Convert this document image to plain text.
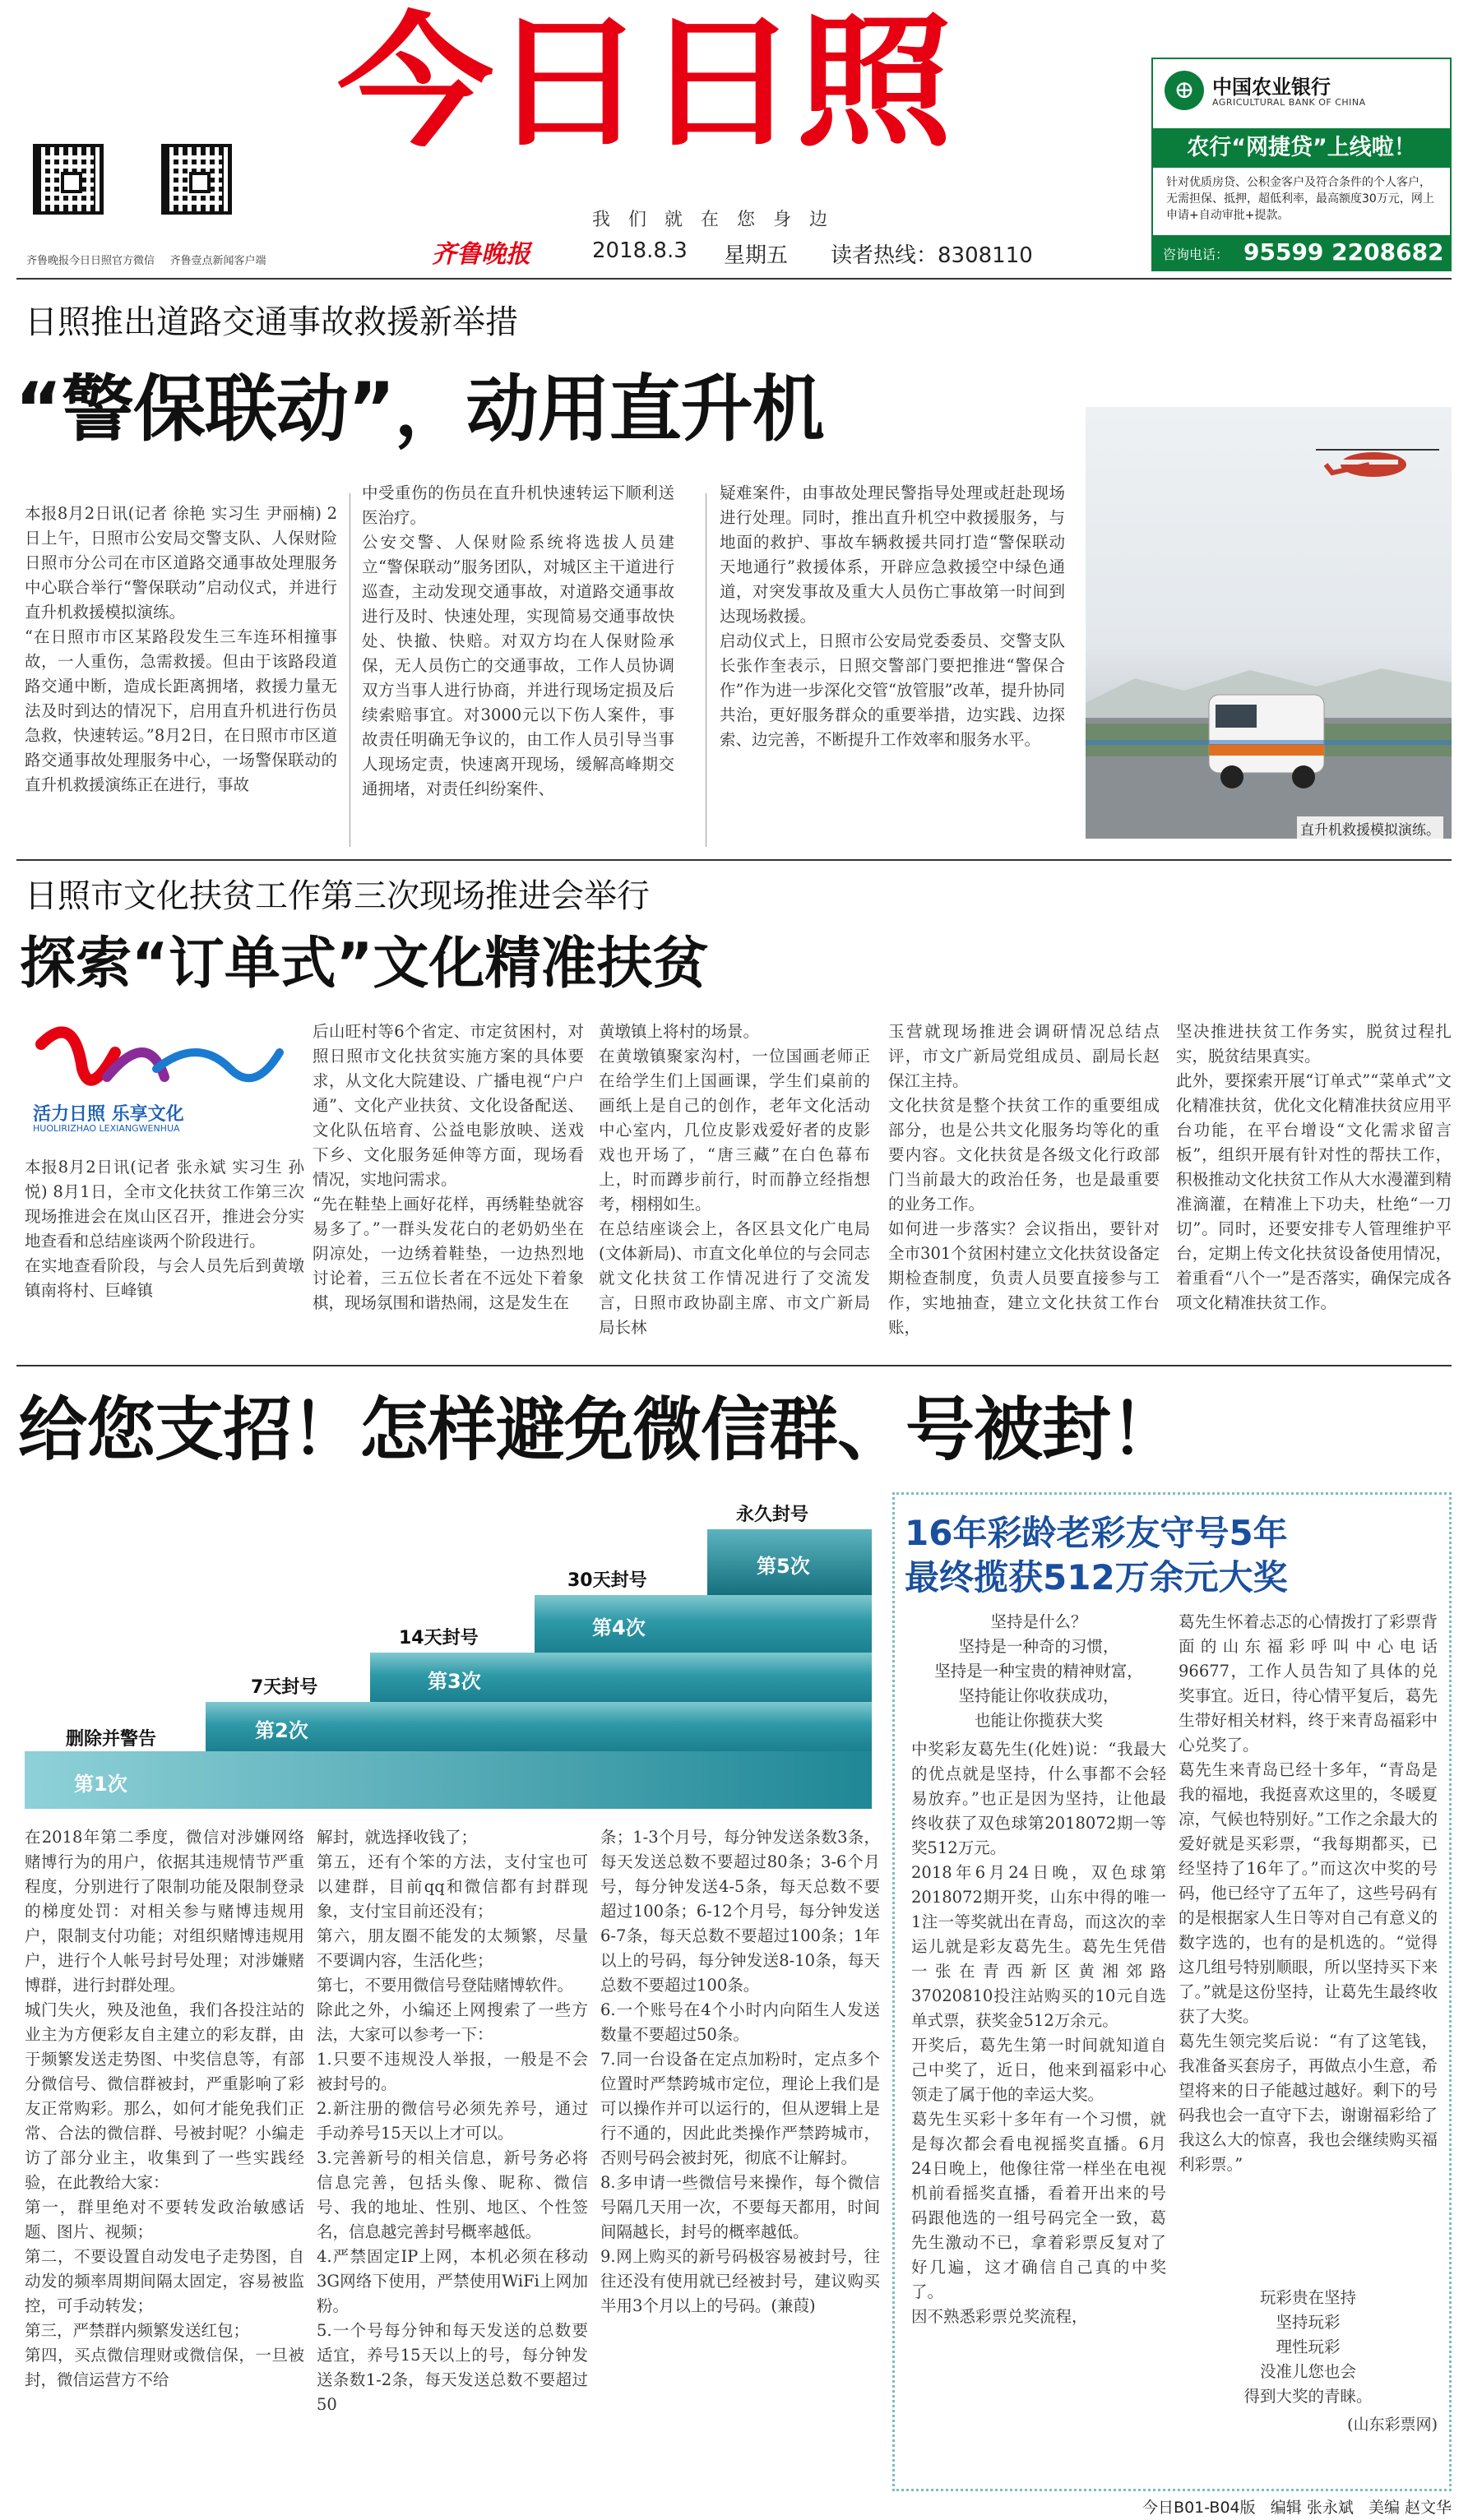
齐鲁晚报今日日照官方微信	齐鲁壹点新闻客户端
今日日照
我们就在您身边
齐鲁晚报	2018.8.3 星期五 读者热线：8308110
⊕ 中国农业银行
AGRICULTURAL BANK OF CHINA
农行“网捷贷”上线啦！
针对优质房贷、公积金客户及符合条件的个人客户，无需担保、抵押，超低利率，最高额度30万元，网上申请+自动审批+提款。
咨询电话： 95599 2208682
日照推出道路交通事故救援新举措
“警保联动”，动用直升机
本报8月2日讯(记者 徐艳 实习生 尹丽楠) 2日上午，日照市公安局交警支队、人保财险日照市分公司在市区道路交通事故处理服务中心联合举行“警保联动”启动仪式，并进行直升机救援模拟演练。
“在日照市市区某路段发生三车连环相撞事故，一人重伤，急需救援。但由于该路段道路交通中断，造成长距离拥堵，救援力量无法及时到达的情况下，启用直升机进行伤员急救，快速转运。”8月2日，在日照市市区道路交通事故处理服务中心，一场警保联动的直升机救援演练正在进行，事故
中受重伤的伤员在直升机快速转运下顺利送医治疗。
公安交警、人保财险系统将选拔人员建立“警保联动”服务团队，对城区主干道进行巡查，主动发现交通事故，对道路交通事故进行及时、快速处理，实现简易交通事故快处、快撤、快赔。对双方均在人保财险承保，无人员伤亡的交通事故，工作人员协调双方当事人进行协商，并进行现场定损及后续索赔事宜。对3000元以下伤人案件，事故责任明确无争议的，由工作人员引导当事人现场定责，快速离开现场，缓解高峰期交通拥堵，对责任纠纷案件、
疑难案件，由事故处理民警指导处理或赶赴现场进行处理。同时，推出直升机空中救援服务，与地面的救护、事故车辆救援共同打造“警保联动 天地通行”救援体系，开辟应急救援空中绿色通道，对突发事故及重大人员伤亡事故第一时间到达现场救援。
启动仪式上，日照市公安局党委委员、交警支队长张作奎表示，日照交警部门要把推进“警保合作”作为进一步深化交管“放管服”改革，提升协同共治，更好服务群众的重要举措，边实践、边探索、边完善，不断提升工作效率和服务水平。
直升机救援模拟演练。
日照市文化扶贫工作第三次现场推进会举行
探索“订单式”文化精准扶贫
活力日照 乐享文化
HUOLIRIZHAO LEXIANGWENHUA
本报8月2日讯(记者 张永斌 实习生 孙悦) 8月1日，全市文化扶贫工作第三次现场推进会在岚山区召开，推进会分实地查看和总结座谈两个阶段进行。
在实地查看阶段，与会人员先后到黄墩镇南将村、巨峰镇
后山旺村等6个省定、市定贫困村，对照日照市文化扶贫实施方案的具体要求，从文化大院建设、广播电视“户户通”、文化产业扶贫、文化设备配送、文化队伍培育、公益电影放映、送戏下乡、文化服务延伸等方面，现场看情况，实地问需求。
“先在鞋垫上画好花样，再绣鞋垫就容易多了。”一群头发花白的老奶奶坐在阴凉处，一边绣着鞋垫，一边热烈地讨论着，三五位长者在不远处下着象棋，现场氛围和谐热闹，这是发生在
黄墩镇上将村的场景。
在黄墩镇聚家沟村，一位国画老师正在给学生们上国画课，学生们桌前的画纸上是自己的创作，老年文化活动中心室内，几位皮影戏爱好者的皮影戏也开场了，“唐三藏”在白色幕布上，时而蹲步前行，时而静立经指想考，栩栩如生。
在总结座谈会上，各区县文化广电局(文体新局)、市直文化单位的与会同志就文化扶贫工作情况进行了交流发言，日照市政协副主席、市文广新局局长林
玉营就现场推进会调研情况总结点评，市文广新局党组成员、副局长赵保江主持。
文化扶贫是整个扶贫工作的重要组成部分，也是公共文化服务均等化的重要内容。文化扶贫是各级文化行政部门当前最大的政治任务，也是最重要的业务工作。
如何进一步落实？会议指出，要针对全市301个贫困村建立文化扶贫设备定期检查制度，负责人员要直接参与工作，实地抽查，建立文化扶贫工作台账，
坚决推进扶贫工作务实，脱贫过程扎实，脱贫结果真实。
此外，要探索开展“订单式”“菜单式”文化精准扶贫，优化文化精准扶贫应用平台功能，在平台增设“文化需求留言板”，组织开展有针对性的帮扶工作，积极推动文化扶贫工作从大水漫灌到精准滴灌，在精准上下功夫，杜绝“一刀切”。同时，还要安排专人管理维护平台，定期上传文化扶贫设备使用情况，着重看“八个一”是否落实，确保完成各项文化精准扶贫工作。
给您支招！怎样避免微信群、号被封！
第1次
第2次
第3次
第4次
第5次
删除并警告
7天封号
14天封号
30天封号
永久封号
在2018年第二季度，微信对涉嫌网络赌博行为的用户，依据其违规情节严重程度，分别进行了限制功能及限制登录的梯度处罚：对相关参与赌博违规用户，限制支付功能；对组织赌博违规用户，进行个人帐号封号处理；对涉嫌赌博群，进行封群处理。
城门失火，殃及池鱼，我们各投注站的业主为方便彩友自主建立的彩友群，由于频繁发送走势图、中奖信息等，有部分微信号、微信群被封，严重影响了彩友正常购彩。那么，如何才能免我们正常、合法的微信群、号被封呢？小编走访了部分业主，收集到了一些实践经验，在此教给大家：
第一，群里绝对不要转发政治敏感话题、图片、视频；
第二，不要设置自动发电子走势图，自动发的频率周期间隔太固定，容易被监控，可手动转发；
第三，严禁群内频繁发送红包；
第四，买点微信理财或微信保，一旦被封，微信运营方不给
解封，就选择收钱了；
第五，还有个笨的方法，支付宝也可以建群，目前qq和微信都有封群现象，支付宝目前还没有；
第六，朋友圈不能发的太频繁，尽量不要调内容，生活化些；
第七，不要用微信号登陆赌博软件。
除此之外，小编还上网搜索了一些方法，大家可以参考一下：
1.只要不违规没人举报，一般是不会被封号的。
2.新注册的微信号必须先养号，通过手动养号15天以上才可以。
3.完善新号的相关信息，新号务必将信息完善，包括头像、昵称、微信号、我的地址、性别、地区、个性签名，信息越完善封号概率越低。
4.严禁固定IP上网，本机必须在移动3G网络下使用，严禁使用WiFi上网加粉。
5.一个号每分钟和每天发送的总数要适宜，养号15天以上的号，每分钟发送条数1-2条，每天发送总数不要超过50
条；1-3个月号，每分钟发送条数3条，每天发送总数不要超过80条；3-6个月号，每分钟发送4-5条，每天总数不要超过100条；6-12个月号，每分钟发送6-7条，每天总数不要超过100条；1年以上的号码，每分钟发送8-10条，每天总数不要超过100条。
6.一个账号在4个小时内向陌生人发送数量不要超过50条。
7.同一台设备在定点加粉时，定点多个位置时严禁跨城市定位，理论上我们是可以操作并可以运行的，但从逻辑上是行不通的，因此此类操作严禁跨城市，否则号码会被封死，彻底不让解封。
8.多申请一些微信号来操作，每个微信号隔几天用一次，不要每天都用，时间间隔越长，封号的概率越低。
9.网上购买的新号码极容易被封号，往往还没有使用就已经被封号，建议购买半用3个月以上的号码。(兼葭)
16年彩龄老彩友守号5年
最终揽获512万余元大奖
坚持是什么？
坚持是一种奇的习惯，
坚持是一种宝贵的精神财富，
坚持能让你收获成功，
也能让你揽获大奖
中奖彩友葛先生(化姓)说：“我最大的优点就是坚持，什么事都不会轻易放弃。”也正是因为坚持，让他最终收获了双色球第2018072期一等奖512万元。
2018年6月24日晚，双色球第2018072期开奖，山东中得的唯一1注一等奖就出在青岛，而这次的幸运儿就是彩友葛先生。葛先生凭借一张在青西新区黄湘郊路37020810投注站购买的10元自选单式票，获奖金512万余元。
开奖后，葛先生第一时间就知道自己中奖了，近日，他来到福彩中心领走了属于他的幸运大奖。
葛先生买彩十多年有一个习惯，就是每次都会看电视摇奖直播。6月24日晚上，他像往常一样坐在电视机前看摇奖直播，看着开出来的号码跟他选的一组号码完全一致，葛先生激动不已，拿着彩票反复对了好几遍，这才确信自己真的中奖了。
因不熟悉彩票兑奖流程，
葛先生怀着忐忑的心情拨打了彩票背面的山东福彩呼叫中心电话96677，工作人员告知了具体的兑奖事宜。近日，待心情平复后，葛先生带好相关材料，终于来青岛福彩中心兑奖了。
葛先生来青岛已经十多年，“青岛是我的福地，我挺喜欢这里的，冬暖夏凉，气候也特别好。”工作之余最大的爱好就是买彩票，“我每期都买，已经坚持了16年了。”而这次中奖的号码，他已经守了五年了，这些号码有的是根据家人生日等对自己有意义的数字选的，也有的是机选的。“觉得这几组号特别顺眼，所以坚持买下来了。”就是这份坚持，让葛先生最终收获了大奖。
葛先生领完奖后说：“有了这笔钱，我准备买套房子，再做点小生意，希望将来的日子能越过越好。剩下的号码我也会一直守下去，谢谢福彩给了我这么大的惊喜，我也会继续购买福利彩票。”
玩彩贵在坚持
坚持玩彩
理性玩彩
没准儿您也会
得到大奖的青睐。
(山东彩票网)
今日B01-B04版 编辑 张永斌 美编 赵文华
